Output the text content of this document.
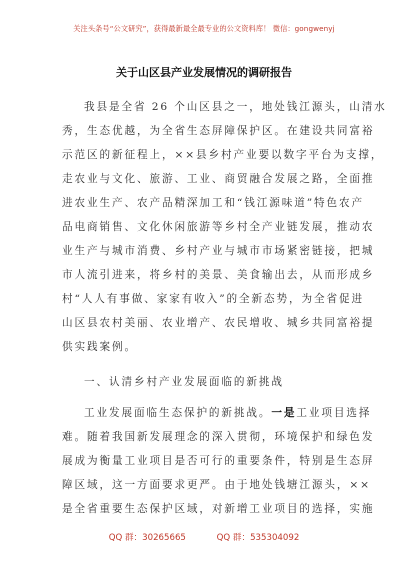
关注头条号“公文研究”，获得最新最全最专业的公文资料库！ 微信：gongwenyj
关于山区县产业发展情况的调研报告
我县是全省 26 个山区县之一，地处钱江源头，山清水
秀，生态优越，为全省生态屏障保护区。在建设共同富裕
示范区的新征程上，××县乡村产业要以数字平台为支撑，
走农业与文化、旅游、工业、商贸融合发展之路，全面推
进农业生产、农产品精深加工和“钱江源味道”特色农产
品电商销售、文化休闲旅游等乡村全产业链发展，推动农
业生产与城市消费、乡村产业与城市市场紧密链接，把城
市人流引进来，将乡村的美景、美食输出去，从而形成乡
村“人人有事做、家家有收入”的全新态势，为全省促进
山区县农村美丽、农业增产、农民增收、城乡共同富裕提
供实践案例。
一、认清乡村产业发展面临的新挑战
工业发展面临生态保护的新挑战。一是工业项目选择
难。随着我国新发展理念的深入贯彻，环境保护和绿色发
展成为衡量工业项目是否可行的重要条件，特别是生态屏
障区域，这一方面要求更严。由于地处钱塘江源头，××
是全省重要生态保护区域，对新增工业项目的选择，实施
QQ 群：30265665	QQ 群：535304092
